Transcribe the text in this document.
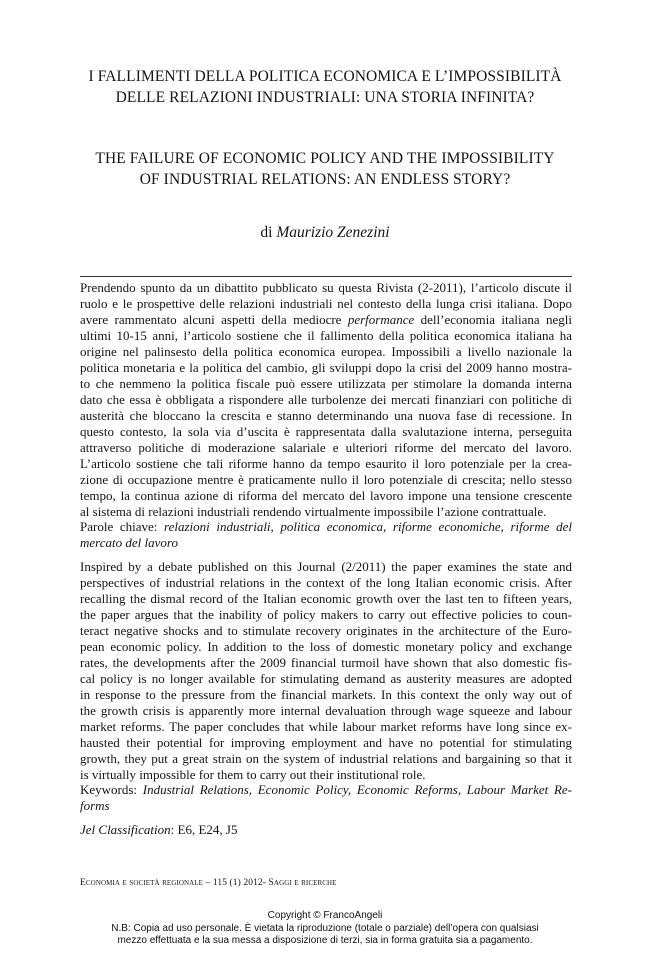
I FALLIMENTI DELLA POLITICA ECONOMICA E L’IMPOSSIBILITÀ
DELLE RELAZIONI INDUSTRIALI: UNA STORIA INFINITA?
THE FAILURE OF ECONOMIC POLICY AND THE IMPOSSIBILITY
OF INDUSTRIAL RELATIONS: AN ENDLESS STORY?
di Maurizio Zenezini
Prendendo spunto da un dibattito pubblicato su questa Rivista (2-2011), l’articolo discute il
ruolo e le prospettive delle relazioni industriali nel contesto della lunga crisi italiana. Dopo
avere rammentato alcuni aspetti della mediocre performance dell’economia italiana negli
ultimi 10-15 anni, l’articolo sostiene che il fallimento della politica economica italiana ha
origine nel palinsesto della politica economica europea. Impossibili a livello nazionale la
politica monetaria e la politica del cambio, gli sviluppi dopo la crisi del 2009 hanno mostra-
to che nemmeno la politica fiscale può essere utilizzata per stimolare la domanda interna
dato che essa è obbligata a rispondere alle turbolenze dei mercati finanziari con politiche di
austerità che bloccano la crescita e stanno determinando una nuova fase di recessione. In
questo contesto, la sola via d’uscita è rappresentata dalla svalutazione interna, perseguita
attraverso politiche di moderazione salariale e ulteriori riforme del mercato del lavoro.
L’articolo sostiene che tali riforme hanno da tempo esaurito il loro potenziale per la crea-
zione di occupazione mentre è praticamente nullo il loro potenziale di crescita; nello stesso
tempo, la continua azione di riforma del mercato del lavoro impone una tensione crescente
al sistema di relazioni industriali rendendo virtualmente impossibile l’azione contrattuale.
Parole chiave: relazioni industriali, politica economica, riforme economiche, riforme del
mercato del lavoro
Inspired by a debate published on this Journal (2/2011) the paper examines the state and
perspectives of industrial relations in the context of the long Italian economic crisis. After
recalling the dismal record of the Italian economic growth over the last ten to fifteen years,
the paper argues that the inability of policy makers to carry out effective policies to coun-
teract negative shocks and to stimulate recovery originates in the architecture of the Euro-
pean economic policy. In addition to the loss of domestic monetary policy and exchange
rates, the developments after the 2009 financial turmoil have shown that also domestic fis-
cal policy is no longer available for stimulating demand as austerity measures are adopted
in response to the pressure from the financial markets. In this context the only way out of
the growth crisis is apparently more internal devaluation through wage squeeze and labour
market reforms. The paper concludes that while labour market reforms have long since ex-
hausted their potential for improving employment and have no potential for stimulating
growth, they put a great strain on the system of industrial relations and bargaining so that it
is virtually impossible for them to carry out their institutional role.
Keywords: Industrial Relations, Economic Policy, Economic Reforms, Labour Market Re-
forms
Jel Classification: E6, E24, J5
Economia e società regionale – 115 (1) 2012- Saggi e ricerche
Copyright © FrancoAngeli
N.B: Copia ad uso personale. È vietata la riproduzione (totale o parziale) dell’opera con qualsiasi
mezzo effettuata e la sua messa a disposizione di terzi, sia in forma gratuita sia a pagamento.
